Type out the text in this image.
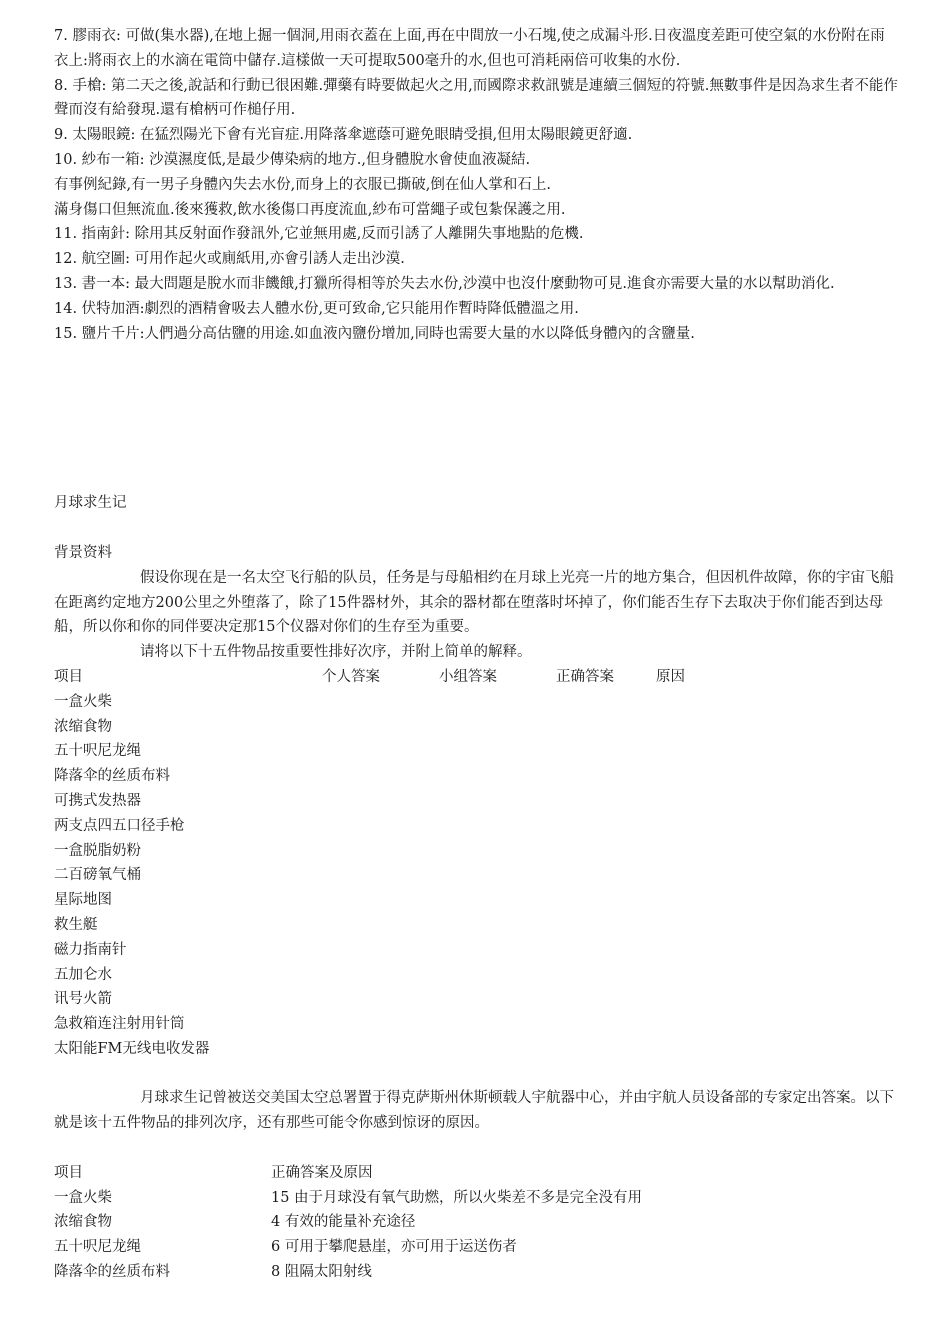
7. 膠雨衣: 可做(集水器),在地上掘一個洞,用雨衣蓋在上面,再在中間放一小石塊,使之成漏斗形.日夜溫度差距可使空氣的水份附在雨衣上:將雨衣上的水滴在電筒中儲存.這樣做一天可提取500毫升的水,但也可消耗兩倍可收集的水份.

8. 手槍: 第二天之後,說話和行動已很困難.彈藥有時要做起火之用,而國際求救訊號是連續三個短的符號.無數事件是因為求生者不能作聲而沒有給發現.還有槍柄可作槌仔用.

9. 太陽眼鏡: 在猛烈陽光下會有光盲症.用降落傘遮蔭可避免眼睛受損,但用太陽眼鏡更舒適.

10. 紗布一箱: 沙漠濕度低,是最少傳染病的地方.,但身體脫水會使血液凝結.

有事例紀錄,有一男子身體內失去水份,而身上的衣服已撕破,倒在仙人掌和石上.

滿身傷口但無流血.後來獲救,飲水後傷口再度流血,紗布可當繩子或包紮保護之用.

11. 指南針: 除用其反射面作發訊外,它並無用處,反而引誘了人離開失事地點的危機.

12. 航空圖: 可用作起火或廁紙用,亦會引誘人走出沙漠.

13. 書一本: 最大問題是脫水而非饑餓,打獵所得相等於失去水份,沙漠中也沒什麼動物可見.進食亦需要大量的水以幫助消化.

14. 伏特加酒:劇烈的酒精會吸去人體水份,更可致命,它只能用作暫時降低體溫之用.

15. 鹽片千片:人們過分高估鹽的用途.如血液內鹽份增加,同時也需要大量的水以降低身體內的含鹽量.

月球求生记

背景资料

假设你现在是一名太空飞行船的队员，任务是与母船相约在月球上光亮一片的地方集合，但因机件故障，你的宇宙飞船在距离约定地方200公里之外堕落了，除了15件器材外，其余的器材都在堕落时坏掉了，你们能否生存下去取决于你们能否到达母船，所以你和你的同伴要决定那15个仪器对你们的生存至为重要。

请将以下十五件物品按重要性排好次序，并附上简单的解释。

项目	个人答案	小组答案	正确答案	原因
一盒火柴
浓缩食物
五十呎尼龙绳
降落伞的丝质布料
可携式发热器
两支点四五口径手枪
一盒脱脂奶粉
二百磅氧气桶
星际地图
救生艇
磁力指南针
五加仑水
讯号火箭
急救箱连注射用针筒
太阳能FM无线电收发器

月球求生记曾被送交美国太空总署置于得克萨斯州休斯顿载人宇航器中心，并由宇航人员设备部的专家定出答案。以下就是该十五件物品的排列次序，还有那些可能令你感到惊讶的原因。

项目	正确答案及原因
一盒火柴	15 由于月球没有氧气助燃，所以火柴差不多是完全没有用
浓缩食物	4 有效的能量补充途径
五十呎尼龙绳	6 可用于攀爬悬崖，亦可用于运送伤者
降落伞的丝质布料	8 阻隔太阳射线
